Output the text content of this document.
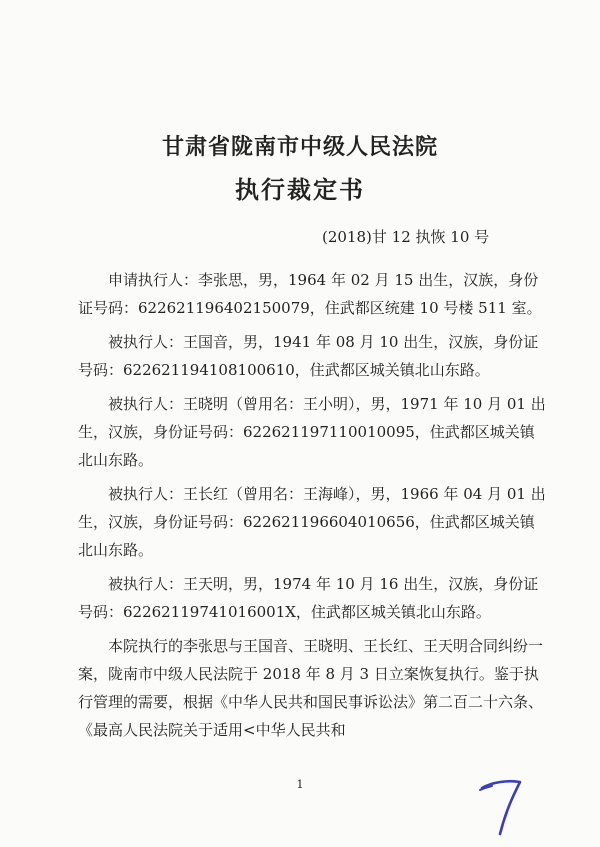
甘肃省陇南市中级人民法院
执行裁定书
(2018)甘 12 执恢 10 号

申请执行人：李张思，男，1964 年 02 月 15 出生，汉族，身份证号码：622621196402150079，住武都区统建 10 号楼 511 室。

被执行人：王国音，男，1941 年 08 月 10 出生，汉族，身份证号码：622621194108100610，住武都区城关镇北山东路。

被执行人：王晓明（曾用名：王小明），男，1971 年 10 月 01 出生，汉族，身份证号码：622621197110010095，住武都区城关镇北山东路。

被执行人：王长红（曾用名：王海峰），男，1966 年 04 月 01 出生，汉族，身份证号码：622621196604010656，住武都区城关镇北山东路。

被执行人：王天明，男，1974 年 10 月 16 出生，汉族，身份证号码：62262119741016001X，住武都区城关镇北山东路。

本院执行的李张思与王国音、王晓明、王长红、王天明合同纠纷一案，陇南市中级人民法院于 2018 年 8 月 3 日立案恢复执行。鉴于执行管理的需要，根据《中华人民共和国民事诉讼法》第二百二十六条、《最高人民法院关于适用<中华人民共和

1
